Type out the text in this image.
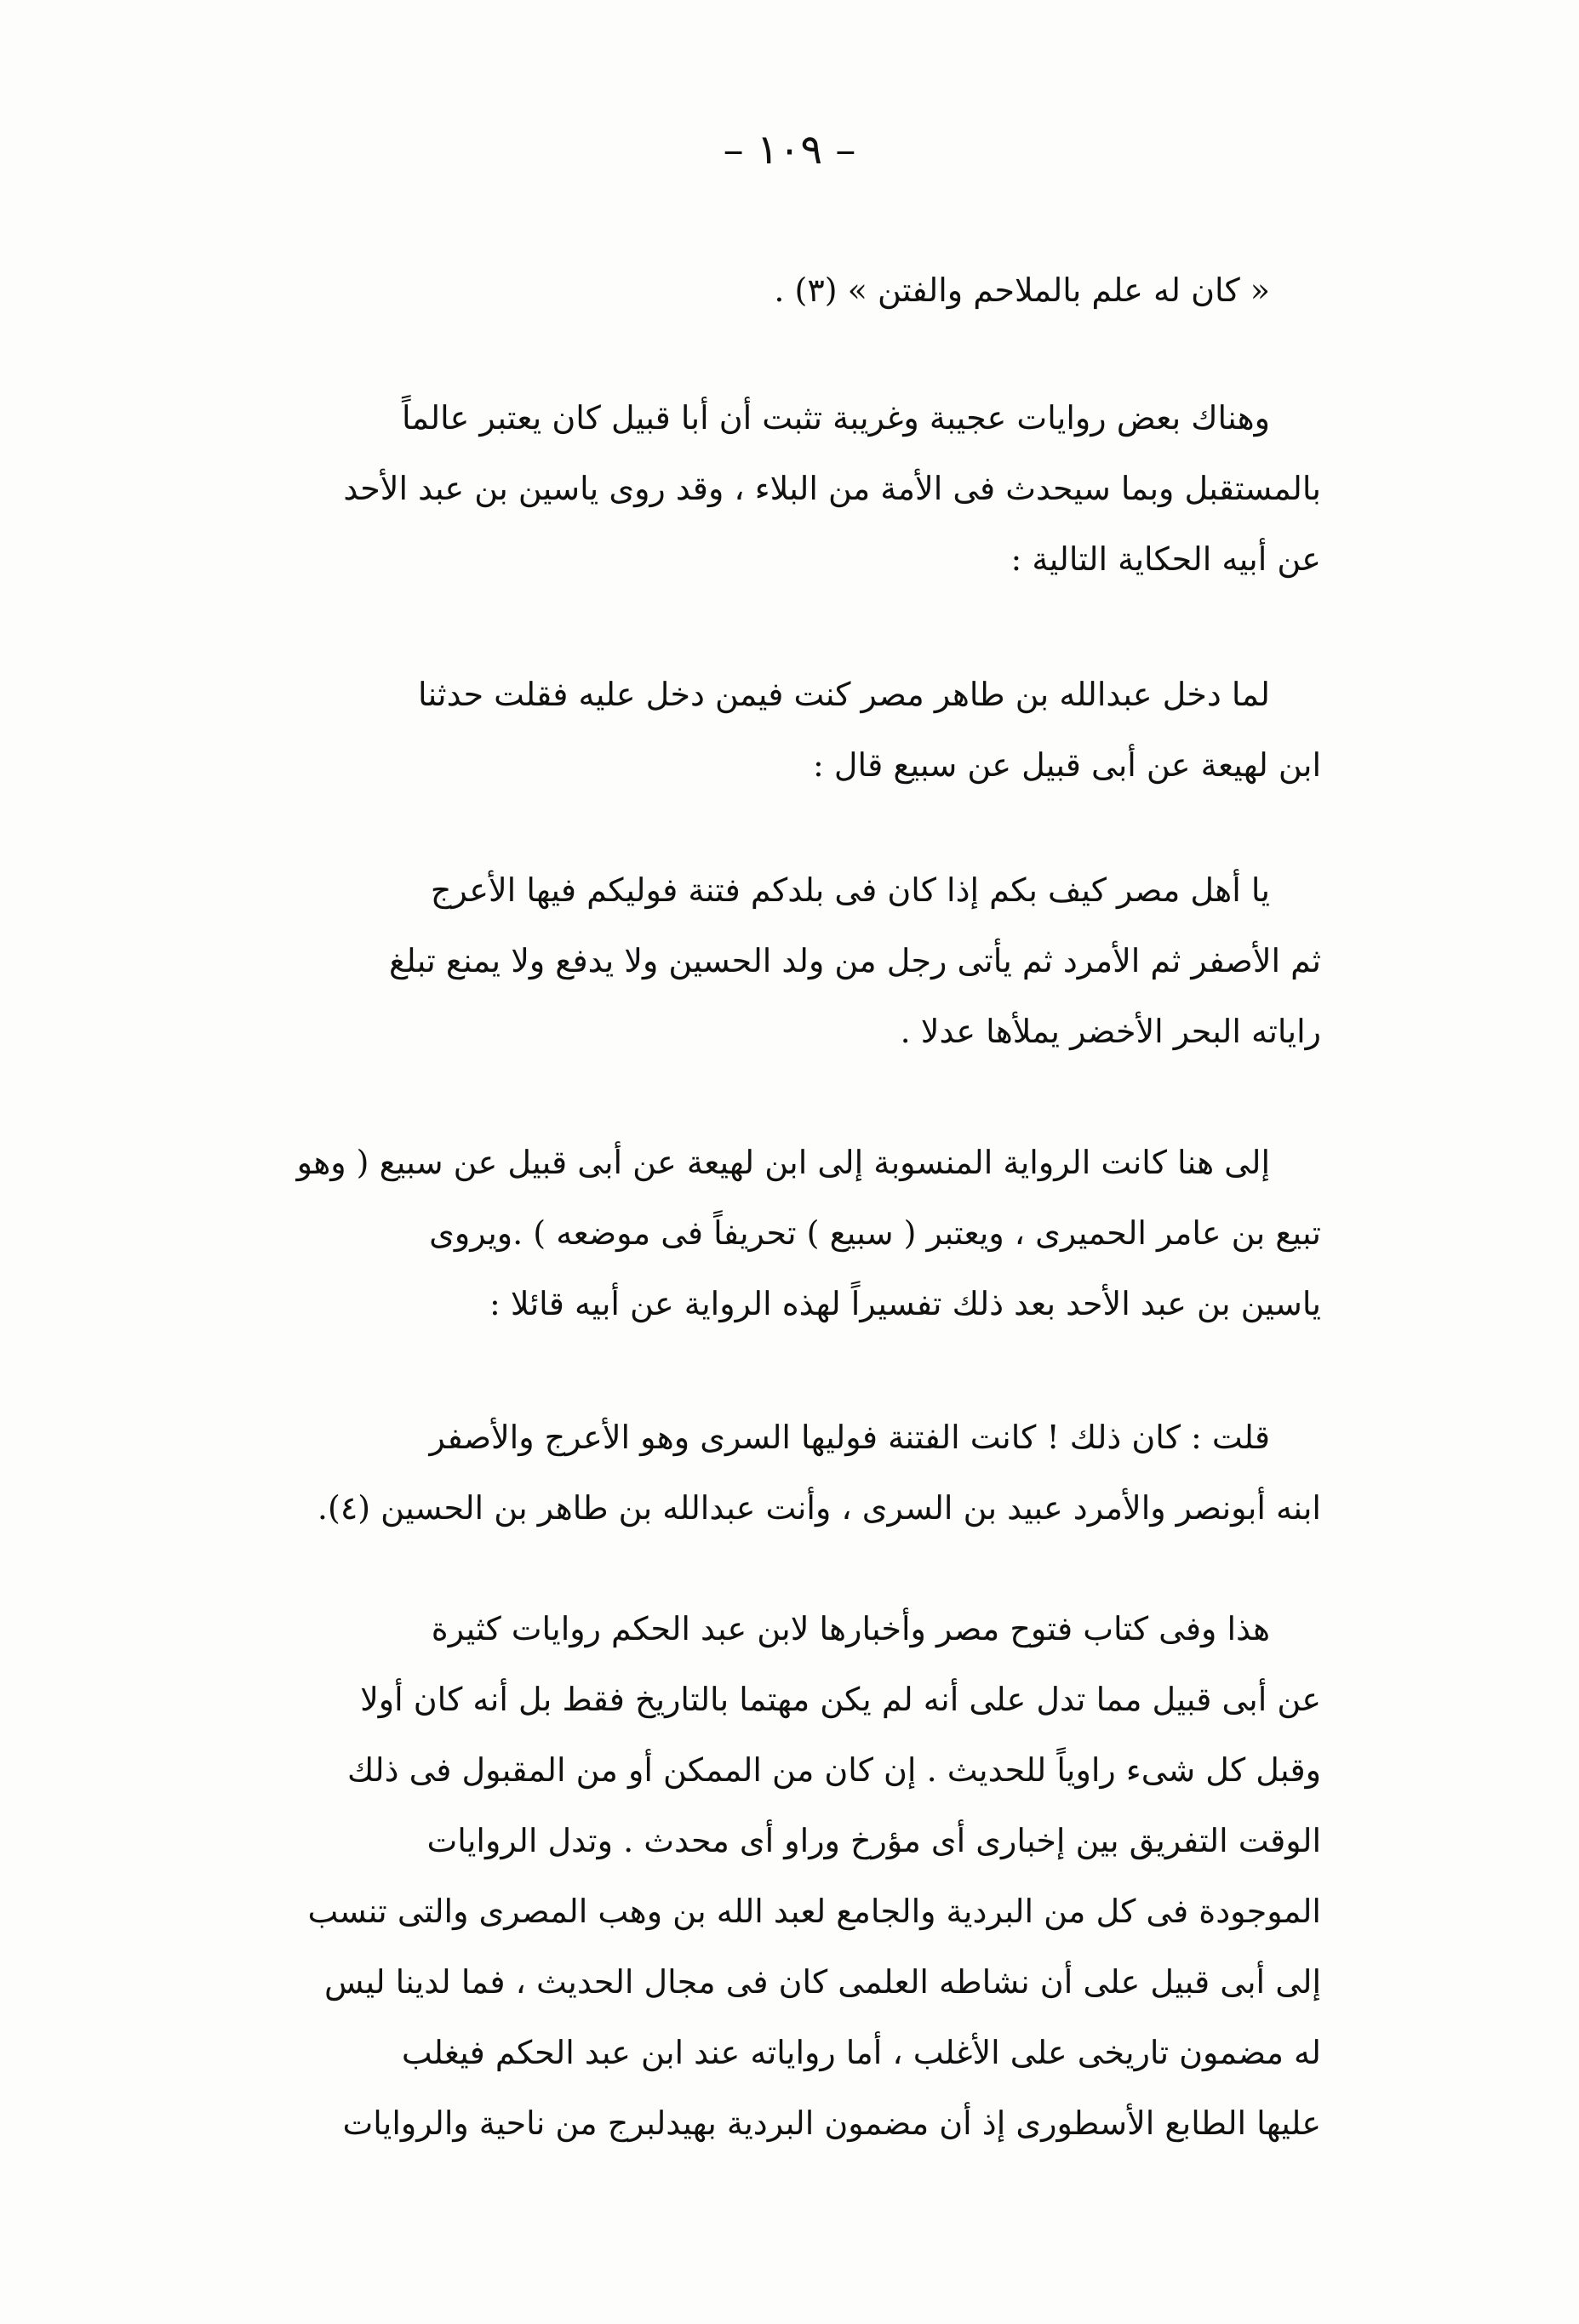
– ١٠٩ –
« كان له علم بالملاحم والفتن » (٣) .
وهناك بعض روايات عجيبة وغريبة تثبت أن أبا قبيل كان يعتبر عالماً
بالمستقبل وبما سيحدث فى الأمة من البلاء ، وقد روى ياسين بن عبد الأحد
عن أبيه الحكاية التالية :
لما دخل عبدالله بن طاهر مصر كنت فيمن دخل عليه فقلت حدثنا
ابن لهيعة عن أبى قبيل عن سبيع قال :
يا أهل مصر كيف بكم إذا كان فى بلدكم فتنة فوليكم فيها الأعرج
ثم الأصفر ثم الأمرد ثم يأتى رجل من ولد الحسين ولا يدفع ولا يمنع تبلغ
راياته البحر الأخضر يملأها عدلا .
إلى هنا كانت الرواية المنسوبة إلى ابن لهيعة عن أبى قبيل عن سبيع ( وهو
تبيع بن عامر الحميرى ، ويعتبر ( سبيع ) تحريفاً فى موضعه ) .ويروى
ياسين بن عبد الأحد بعد ذلك تفسيراً لهذه الرواية عن أبيه قائلا :
قلت : كان ذلك ! كانت الفتنة فوليها السرى وهو الأعرج والأصفر
ابنه أبونصر والأمرد عبيد بن السرى ، وأنت عبدالله بن طاهر بن الحسين (٤).
هذا وفى كتاب فتوح مصر وأخبارها لابن عبد الحكم روايات كثيرة
عن أبى قبيل مما تدل على أنه لم يكن مهتما بالتاريخ فقط بل أنه كان أولا
وقبل كل شىء راوياً للحديث . إن كان من الممكن أو من المقبول فى ذلك
الوقت التفريق بين إخبارى أى مؤرخ وراو أى محدث . وتدل الروايات
الموجودة فى كل من البردية والجامع لعبد الله بن وهب المصرى والتى تنسب
إلى أبى قبيل على أن نشاطه العلمى كان فى مجال الحديث ، فما لدينا ليس
له مضمون تاريخى على الأغلب ، أما رواياته عند ابن عبد الحكم فيغلب
عليها الطابع الأسطورى إذ أن مضمون البردية بهيدلبرج من ناحية والروايات
